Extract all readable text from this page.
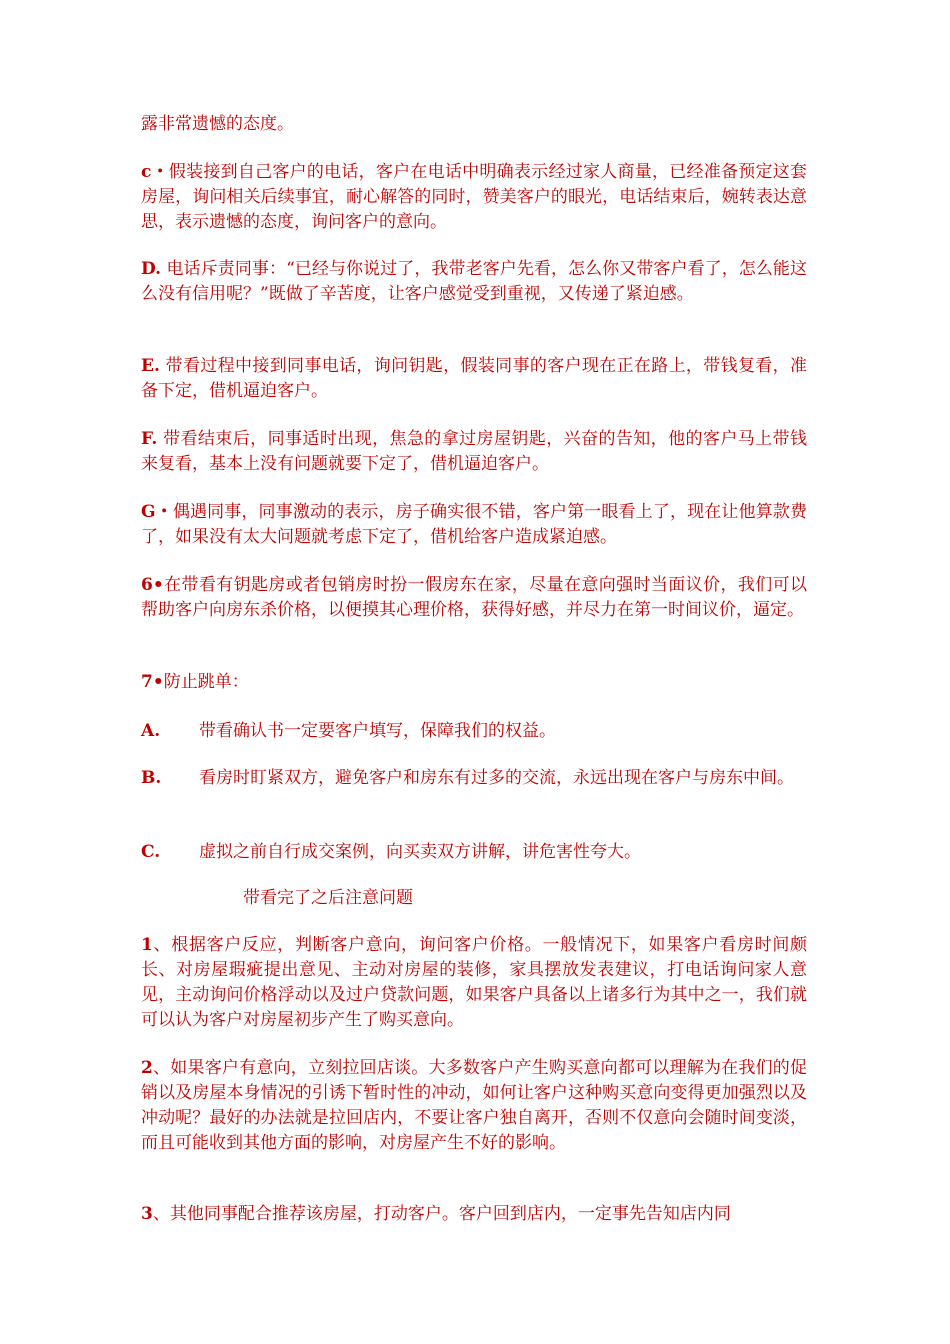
露非常遗憾的态度。

c・假装接到自己客户的电话，客户在电话中明确表示经过家人商量，已经准备预定这套房屋，询问相关后续事宜，耐心解答的同时，赞美客户的眼光，电话结束后，婉转表达意思，表示遗憾的态度，询问客户的意向。

D. 电话斥责同事：“已经与你说过了，我带老客户先看，怎么你又带客户看了，怎么能这么没有信用呢？”既做了辛苦度，让客户感觉受到重视，又传递了紧迫感。

E. 带看过程中接到同事电话，询问钥匙，假装同事的客户现在正在路上，带钱复看，准备下定，借机逼迫客户。

F. 带看结束后，同事适时出现，焦急的拿过房屋钥匙，兴奋的告知，他的客户马上带钱来复看，基本上没有问题就要下定了，借机逼迫客户。

G・偶遇同事，同事激动的表示，房子确实很不错，客户第一眼看上了，现在让他算款费了，如果没有太大问题就考虑下定了，借机给客户造成紧迫感。

6•在带看有钥匙房或者包销房时扮一假房东在家，尽量在意向强时当面议价，我们可以帮助客户向房东杀价格，以便摸其心理价格，获得好感，并尽力在第一时间议价，逼定。

7•防止跳单：

A. 带看确认书一定要客户填写，保障我们的权益。

B. 看房时盯紧双方，避免客户和房东有过多的交流，永远出现在客户与房东中间。

C. 虚拟之前自行成交案例，向买卖双方讲解，讲危害性夸大。

带看完了之后注意问题

1、根据客户反应，判断客户意向，询问客户价格。一般情况下，如果客户看房时间颇长、对房屋瑕疵提出意见、主动对房屋的装修，家具摆放发表建议，打电话询问家人意见，主动询问价格浮动以及过户贷款问题，如果客户具备以上诸多行为其中之一，我们就可以认为客户对房屋初步产生了购买意向。

2、如果客户有意向，立刻拉回店谈。大多数客户产生购买意向都可以理解为在我们的促销以及房屋本身情况的引诱下暂时性的冲动，如何让客户这种购买意向变得更加强烈以及冲动呢？最好的办法就是拉回店内，不要让客户独自离开，否则不仅意向会随时间变淡，而且可能收到其他方面的影响，对房屋产生不好的影响。

3、其他同事配合推荐该房屋，打动客户。客户回到店内，一定事先告知店内同
